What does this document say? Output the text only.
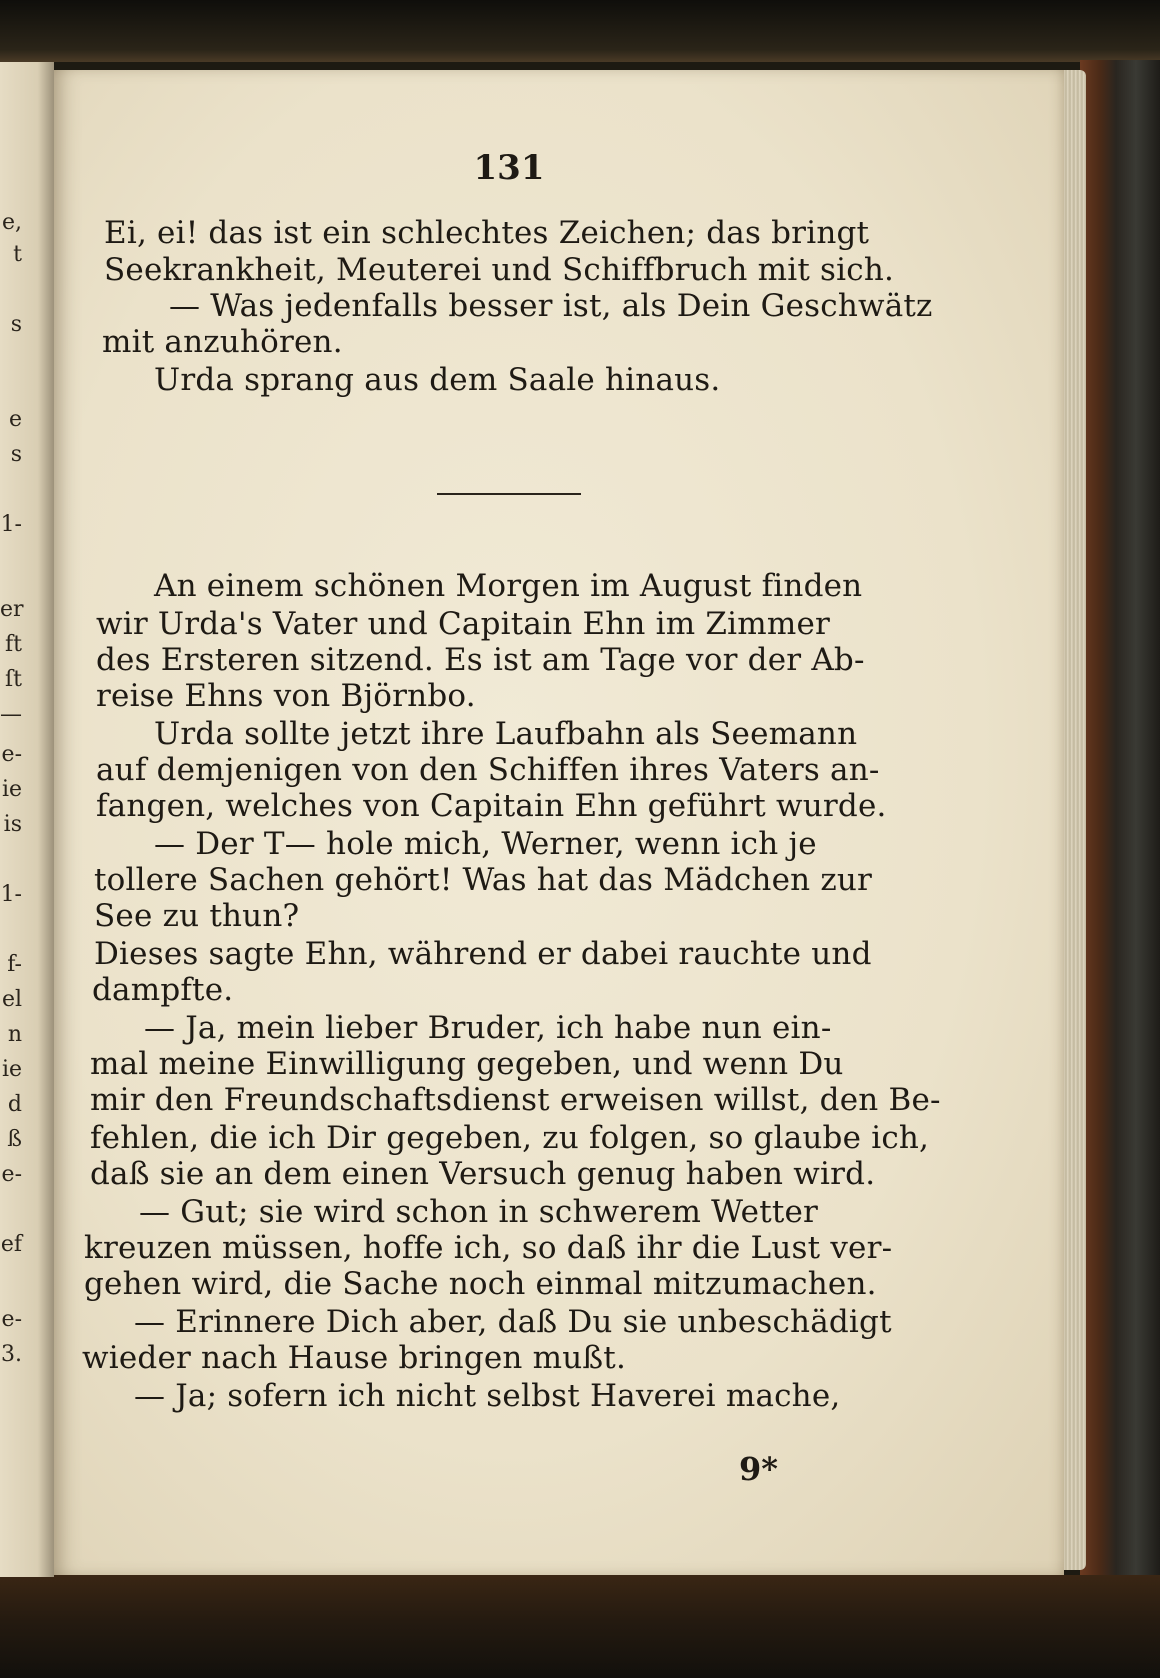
e,
t
s
e
s
1-
er
ft
ſt
—
e-
ie
is
1-
f-
el
n
ie
d
ß
e-
ef
e-
3.
131
Ei, ei! das ist ein schlechtes Zeichen; das bringt
Seekrankheit, Meuterei und Schiffbruch mit sich.
— Was jedenfalls besser ist, als Dein Geschwätz
mit anzuhören.
Urda sprang aus dem Saale hinaus.
An einem schönen Morgen im August finden
wir Urda's Vater und Capitain Ehn im Zimmer
des Ersteren sitzend. Es ist am Tage vor der Ab-
reise Ehns von Björnbo.
Urda sollte jetzt ihre Laufbahn als Seemann
auf demjenigen von den Schiffen ihres Vaters an-
fangen, welches von Capitain Ehn geführt wurde.
— Der T— hole mich, Werner, wenn ich je
tollere Sachen gehört! Was hat das Mädchen zur
See zu thun?
Dieses sagte Ehn, während er dabei rauchte und
dampfte.
— Ja, mein lieber Bruder, ich habe nun ein-
mal meine Einwilligung gegeben, und wenn Du
mir den Freundschaftsdienst erweisen willst, den Be-
fehlen, die ich Dir gegeben, zu folgen, so glaube ich,
daß sie an dem einen Versuch genug haben wird.
— Gut; sie wird schon in schwerem Wetter
kreuzen müssen, hoffe ich, so daß ihr die Lust ver-
gehen wird, die Sache noch einmal mitzumachen.
— Erinnere Dich aber, daß Du sie unbeschädigt
wieder nach Hause bringen mußt.
— Ja; sofern ich nicht selbst Haverei mache,
9*
